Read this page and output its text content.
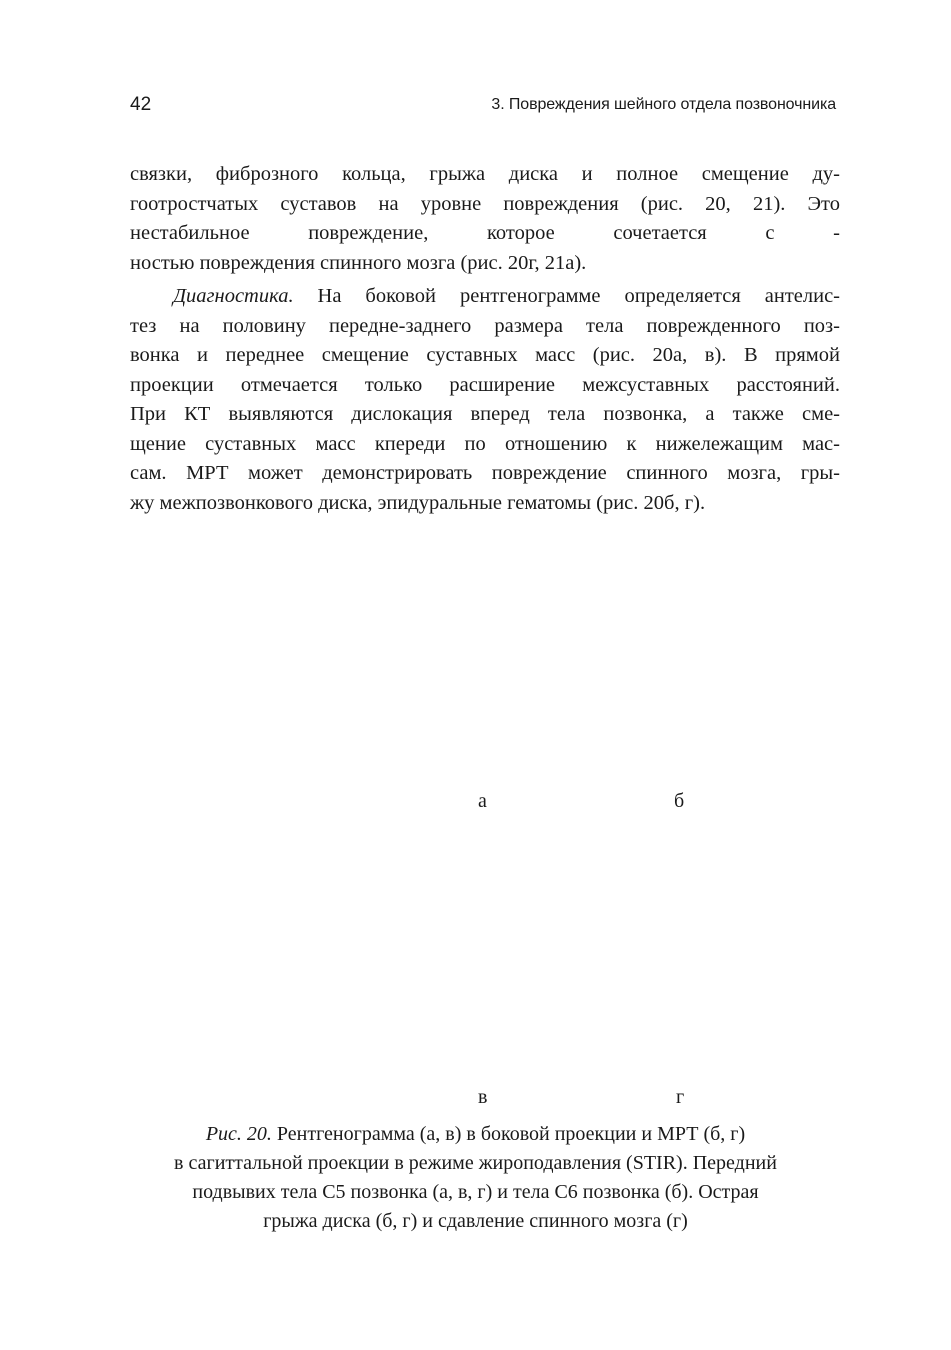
42	3. Повреждения шейного отдела позвоночника
связки, фиброзного кольца, грыжа диска и полное смещение ду-
гоотростчатых суставов на уровне повреждения (рис. 20, 21). Это
нестабильное повреждение, которое сочетается с -
ностью повреждения спинного мозга (рис. 20г, 21а).
Диагностика. На боковой рентгенограмме определяется антелис-
тез на половину передне-заднего размера тела поврежденного поз-
вонка и переднее смещение суставных масс (рис. 20а, в). В прямой
проекции отмечается только расширение межсуставных расстояний.
При КТ выявляются дислокация вперед тела позвонка, а также сме-
щение суставных масс кпереди по отношению к нижележащим мас-
сам. МРТ может демонстрировать повреждение спинного мозга, гры-
жу межпозвонкового диска, эпидуральные гематомы (рис. 20б, г).
а	б
в	г
Рис. 20. Рентгенограмма (а, в) в боковой проекции и МРТ (б, г)
в сагиттальной проекции в режиме жироподавления (STIR). Передний
подвывих тела С5 позвонка (а, в, г) и тела С6 позвонка (б). Острая
грыжа диска (б, г) и сдавление спинного мозга (г)
